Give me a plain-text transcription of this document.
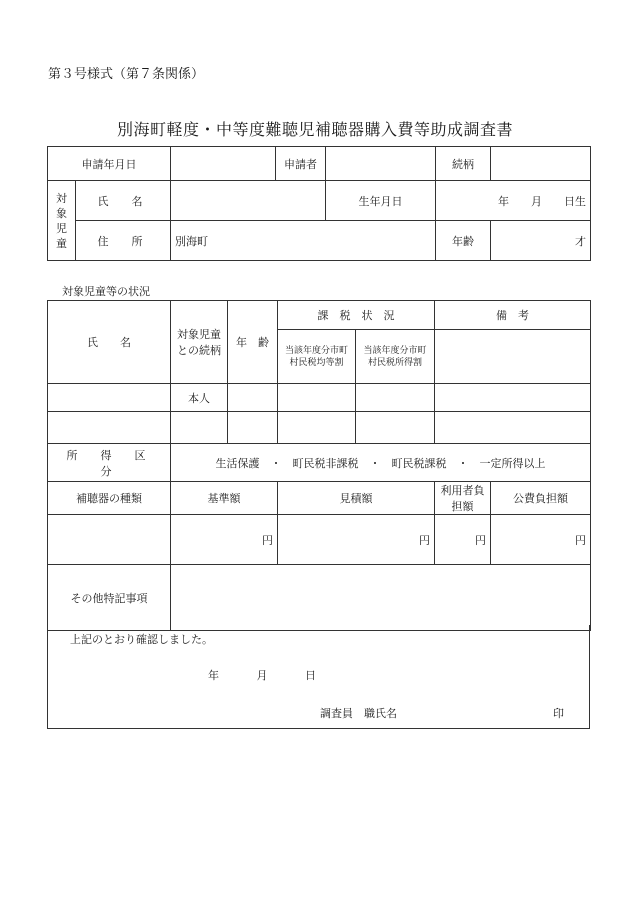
第３号様式（第７条関係）
別海町軽度・中等度難聴児補聴器購入費等助成調査書
申請年月日			申請者		続柄	
対象児童	氏　名			生年月日	年　　月　　日生	
	住　所	別海町			年齢	才
対象児童等の状況
氏　　名	対象児童との続柄	年　齢	課　税　状　況		備　考	
			当該年度分市町村民税均等割	当該年度分市町村民税所得割		
	本人					

所　得　区　分	生活保護　・　町民税非課税　・　町民税課税　・　一定所得以上					
補聴器の種類	基準額		見積額		利用者負担額	公費負担額
	円		円		円	円
その他特記事項						
上記のとおり確認しました。
年	月	日
調査員　職氏名	印
